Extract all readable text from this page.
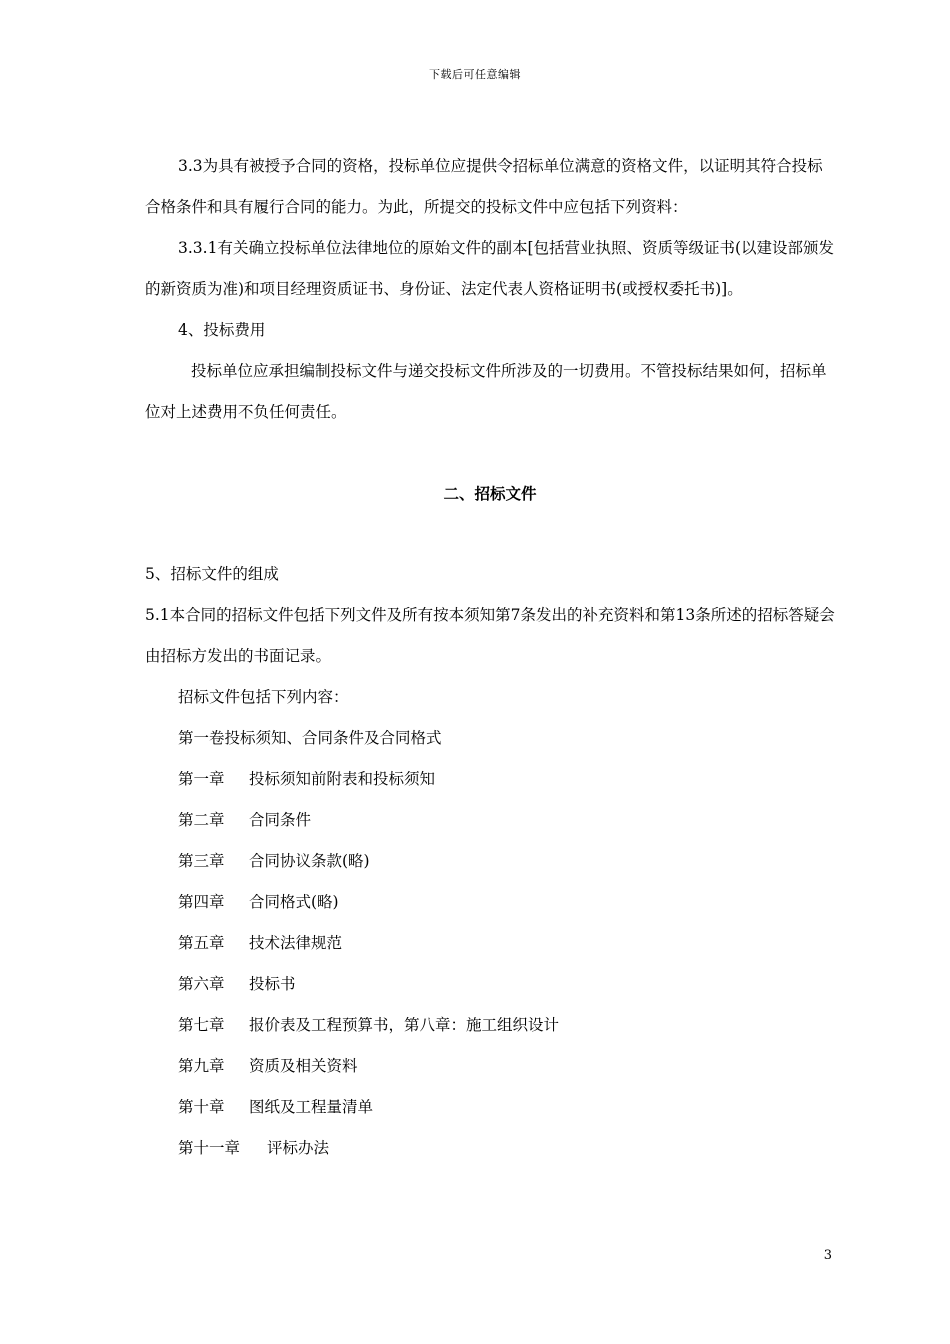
下载后可任意编辑

3.3为具有被授予合同的资格，投标单位应提供令招标单位满意的资格文件，以证明其符合投标合格条件和具有履行合同的能力。为此，所提交的投标文件中应包括下列资料：

3.3.1有关确立投标单位法律地位的原始文件的副本[包括营业执照、资质等级证书(以建设部颁发的新资质为准)和项目经理资质证书、身份证、法定代表人资格证明书(或授权委托书)]。

4、投标费用

投标单位应承担编制投标文件与递交投标文件所涉及的一切费用。不管投标结果如何，招标单位对上述费用不负任何责任。

二、招标文件

5、招标文件的组成

5.1本合同的招标文件包括下列文件及所有按本须知第7条发出的补充资料和第13条所述的招标答疑会由招标方发出的书面记录。

招标文件包括下列内容：

第一卷投标须知、合同条件及合同格式

第一章 投标须知前附表和投标须知
第二章 合同条件
第三章 合同协议条款(略)
第四章 合同格式(略)
第五章 技术法律规范
第六章 投标书
第七章 报价表及工程预算书，第八章：施工组织设计
第九章 资质及相关资料
第十章 图纸及工程量清单
第十一章 评标办法
3
